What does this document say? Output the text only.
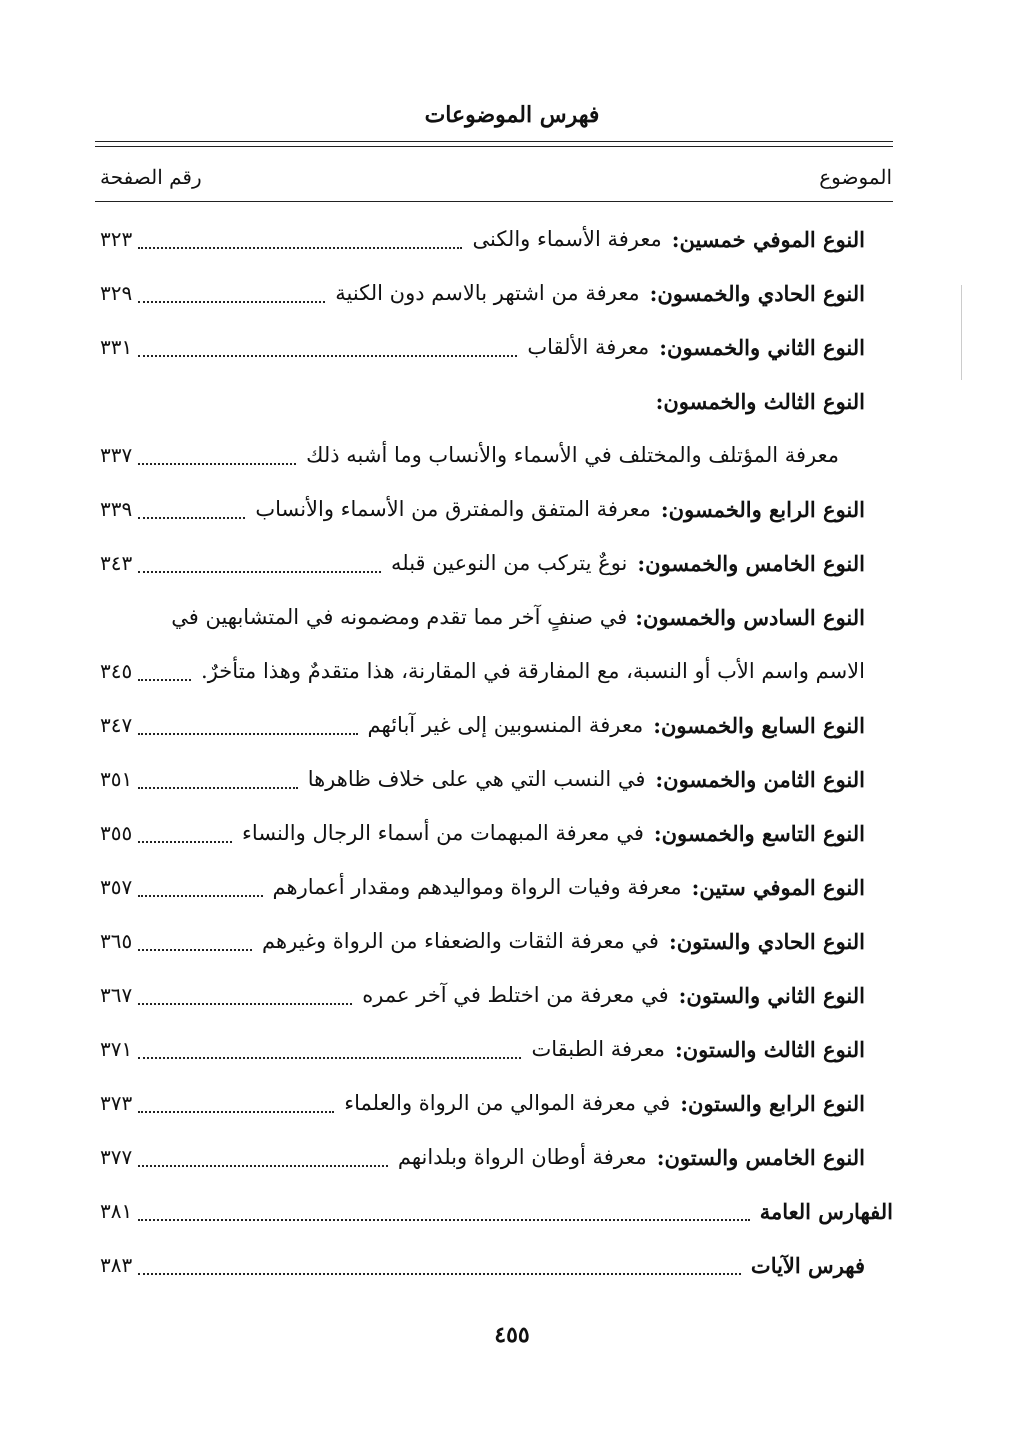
فهرس الموضوعات
الموضوع
رقم الصفحة
النوع الموفي خمسين:
معرفة الأسماء والكنى
٣٢٣
النوع الحادي والخمسون:
معرفة من اشتهر بالاسم دون الكنية
٣٢٩
النوع الثاني والخمسون:
معرفة الألقاب
٣٣١
النوع الثالث والخمسون:
معرفة المؤتلف والمختلف في الأسماء والأنساب وما أشبه ذلك
٣٣٧
النوع الرابع والخمسون:
معرفة المتفق والمفترق من الأسماء والأنساب
٣٣٩
النوع الخامس والخمسون:
نوعٌ يتركب من النوعين قبله
٣٤٣
النوع السادس والخمسون:
في صنفٍ آخر مما تقدم ومضمونه في المتشابهين في
الاسم واسم الأب أو النسبة، مع المفارقة في المقارنة، هذا متقدمٌ وهذا متأخرٌ.
٣٤٥
النوع السابع والخمسون:
معرفة المنسوبين إلى غير آبائهم
٣٤٧
النوع الثامن والخمسون:
في النسب التي هي على خلاف ظاهرها
٣٥١
النوع التاسع والخمسون:
في معرفة المبهمات من أسماء الرجال والنساء
٣٥٥
النوع الموفي ستين:
معرفة وفيات الرواة ومواليدهم ومقدار أعمارهم
٣٥٧
النوع الحادي والستون:
في معرفة الثقات والضعفاء من الرواة وغيرهم
٣٦٥
النوع الثاني والستون:
في معرفة من اختلط في آخر عمره
٣٦٧
النوع الثالث والستون:
معرفة الطبقات
٣٧١
النوع الرابع والستون:
في معرفة الموالي من الرواة والعلماء
٣٧٣
النوع الخامس والستون:
معرفة أوطان الرواة وبلدانهم
٣٧٧
الفهارس العامة
٣٨١
فهرس الآيات
٣٨٣
٤٥٥
